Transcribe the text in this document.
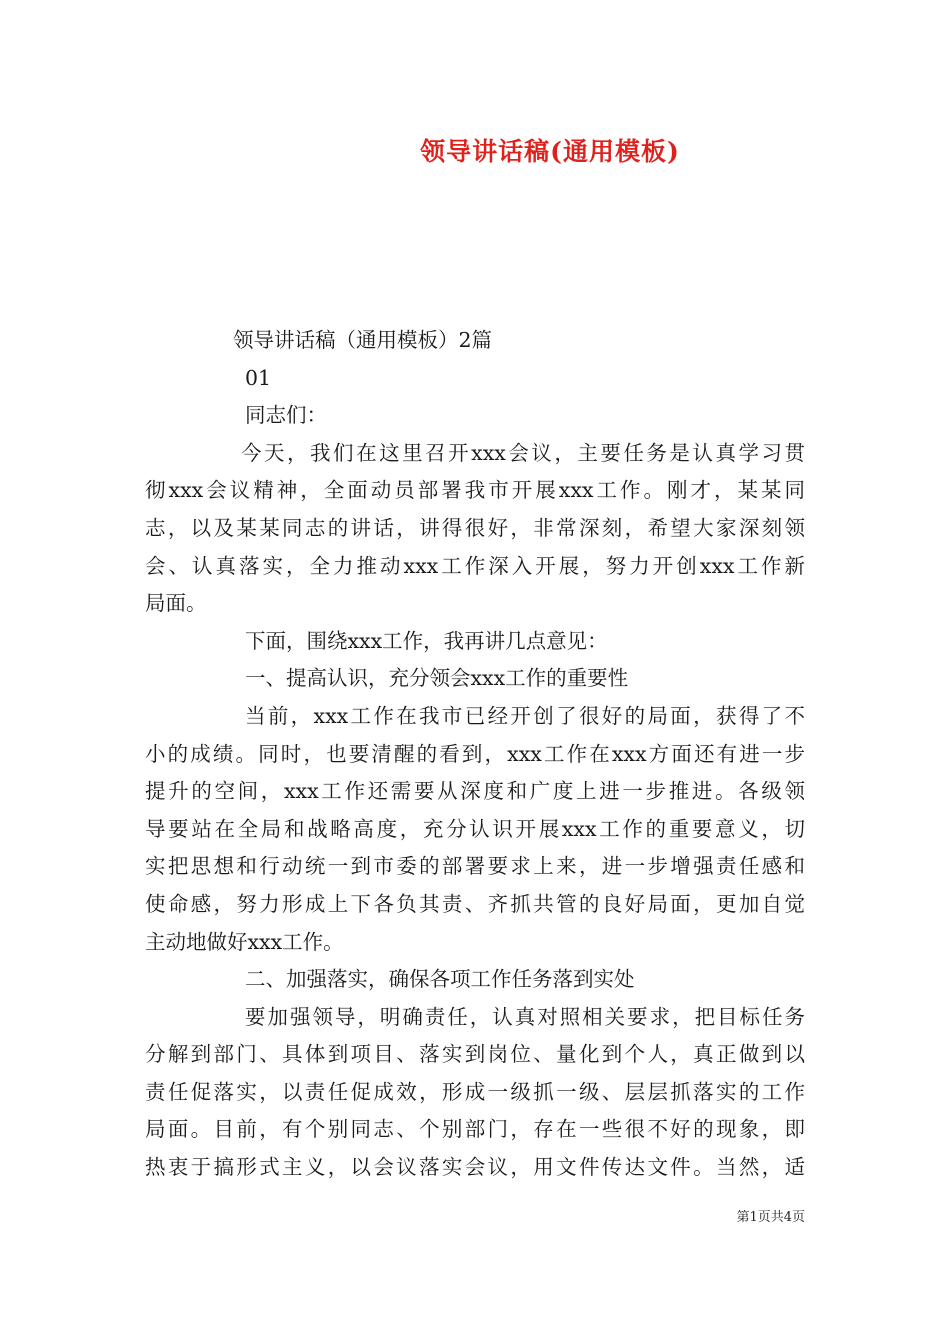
领导讲话稿(通用模板)
领导讲话稿（通用模板）2篇
01
同志们：
今天，我们在这里召开xxx会议，主要任务是认真学习贯
彻xxx会议精神，全面动员部署我市开展xxx工作。刚才，某某同
志，以及某某同志的讲话，讲得很好，非常深刻，希望大家深刻领
会、认真落实，全力推动xxx工作深入开展，努力开创xxx工作新
局面。
下面，围绕xxx工作，我再讲几点意见：
一、提高认识，充分领会xxx工作的重要性
当前，xxx工作在我市已经开创了很好的局面，获得了不
小的成绩。同时，也要清醒的看到，xxx工作在xxx方面还有进一步
提升的空间，xxx工作还需要从深度和广度上进一步推进。各级领
导要站在全局和战略高度，充分认识开展xxx工作的重要意义，切
实把思想和行动统一到市委的部署要求上来，进一步增强责任感和
使命感，努力形成上下各负其责、齐抓共管的良好局面，更加自觉
主动地做好xxx工作。
二、加强落实，确保各项工作任务落到实处
要加强领导，明确责任，认真对照相关要求，把目标任务
分解到部门、具体到项目、落实到岗位、量化到个人，真正做到以
责任促落实，以责任促成效，形成一级抓一级、层层抓落实的工作
局面。目前，有个别同志、个别部门，存在一些很不好的现象，即
热衷于搞形式主义，以会议落实会议，用文件传达文件。当然，适
第1页共4页
